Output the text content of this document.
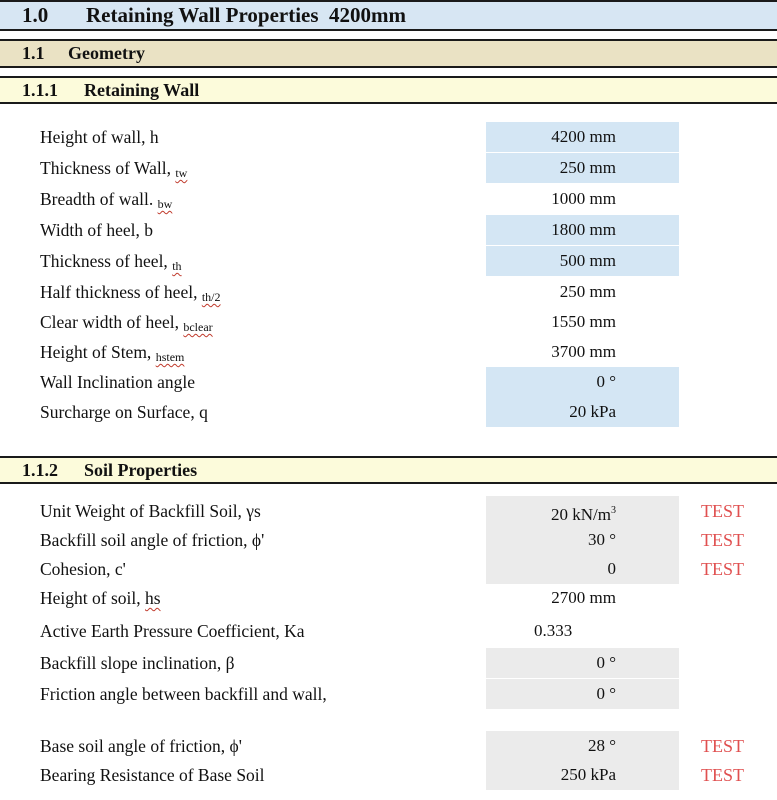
1.0 Retaining Wall Properties  4200mm
1.1 Geometry
1.1.1 Retaining Wall
Height of wall, h	4200 mm
Thickness of Wall, $_{tw}$	250 mm
Breadth of wall. $_{bw}$	1000 mm
Width of heel, b	1800 mm
Thickness of heel, $_{th}$	500 mm
Half thickness of heel, $_{th/2}$	250 mm
Clear width of heel, $_{bclear}$	1550 mm
Height of Stem, $_{hstem}$	3700 mm
Wall Inclination angle	0 °
Surcharge on Surface, q	20 kPa
1.1.2 Soil Properties
Unit Weight of Backfill Soil, γs	20 $kN/m^3$	TEST
Backfill soil angle of friction, ϕ'	30 °	TEST
Cohesion, c'	0	TEST
Height of soil, hs	2700 mm
Active Earth Pressure Coefficient, Ka	0.333
Backfill slope inclination, β	0 °
Friction angle between backfill and wall,	0 °
Base soil angle of friction, ϕ'	28 °	TEST
Bearing Resistance of Base Soil	250 kPa	TEST
